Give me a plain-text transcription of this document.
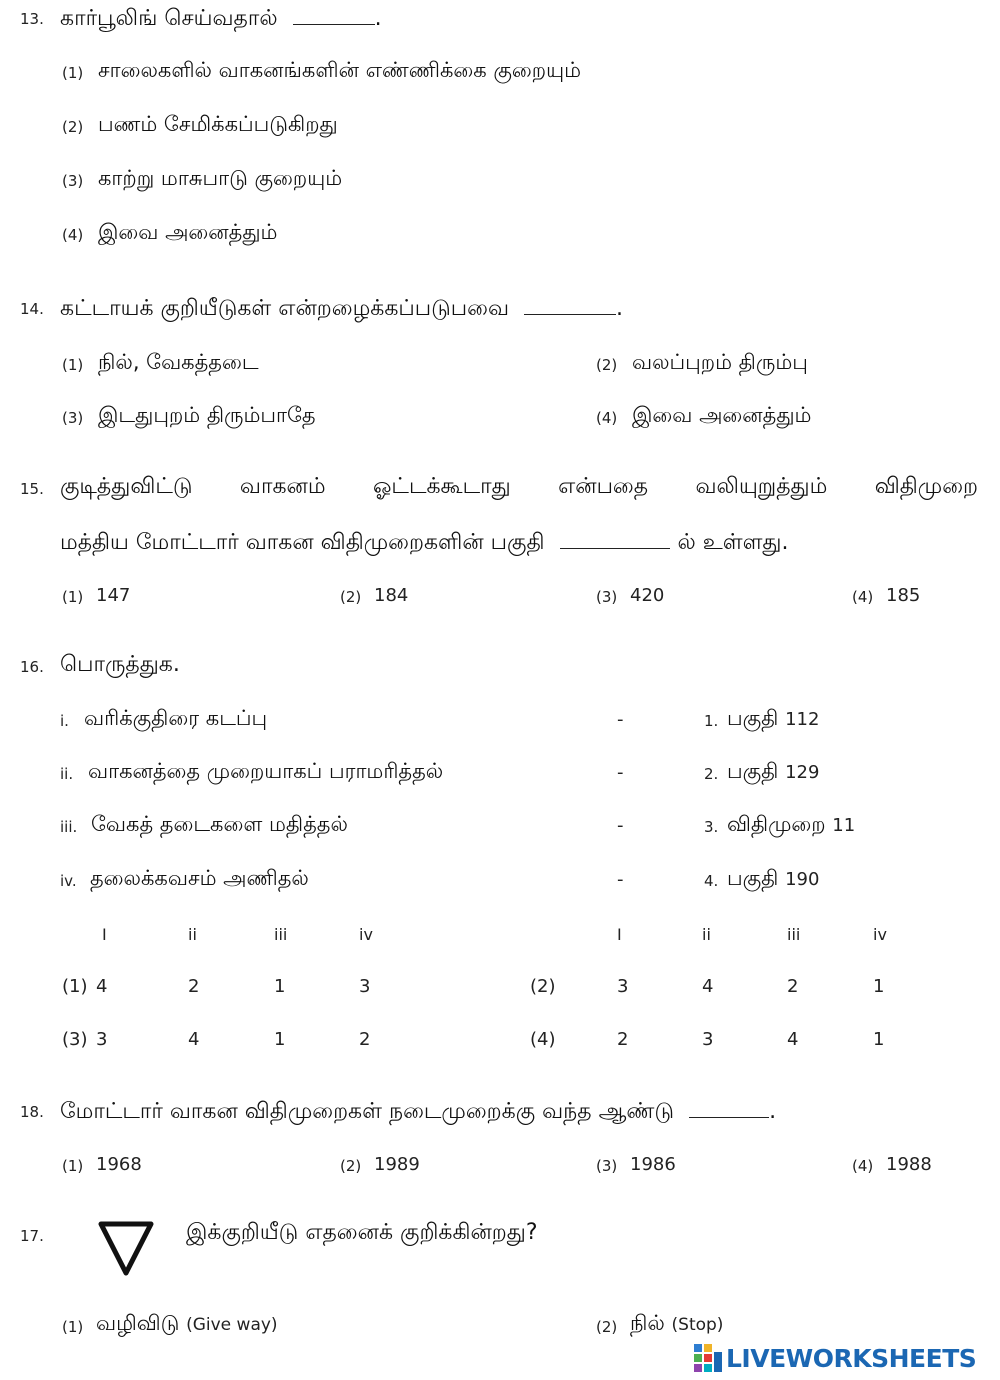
13. கார்பூலிங் செய்வதால்	.
(1) சாலைகளில் வாகனங்களின் எண்ணிக்கை குறையும்
(2) பணம் சேமிக்கப்படுகிறது
(3) காற்று மாசுபாடு குறையும்
(4) இவை அனைத்தும்
14. கட்டாயக் குறியீடுகள் என்றழைக்கப்படுபவை	.
(1) நில், வேகத்தடை	(2) வலப்புறம் திரும்பு
(3) இடதுபுறம் திரும்பாதே	(4) இவை அனைத்தும்
15. குடித்துவிட்டு வாகனம் ஓட்டக்கூடாது என்பதை வலியுறுத்தும் விதிமுறை
மத்திய மோட்டார் வாகன விதிமுறைகளின் பகுதி	ல் உள்ளது.
(1) 147	(2) 184	(3) 420	(4) 185
16. பொருத்துக.
i. வரிக்குதிரை கடப்பு	-	1. பகுதி 112
ii. வாகனத்தை முறையாகப் பராமரித்தல்	-	2. பகுதி 129
iii. வேகத் தடைகளை மதித்தல்	-	3. விதிமுறை 11
iv. தலைக்கவசம் அணிதல்	-	4. பகுதி 190
I	ii	iii	iv	I	ii	iii	iv
(1) 4	2	1	3	(2)	3	4	2	1
(3) 3	4	1	2	(4)	2	3	4	1
18. மோட்டார் வாகன விதிமுறைகள் நடைமுறைக்கு வந்த ஆண்டு	.
(1) 1968	(2) 1989	(3) 1986	(4) 1988
17.	இக்குறியீடு எதனைக் குறிக்கின்றது?
(1) வழிவிடு (Give way)	(2) நில் (Stop)
LIVEWORKSHEETS
